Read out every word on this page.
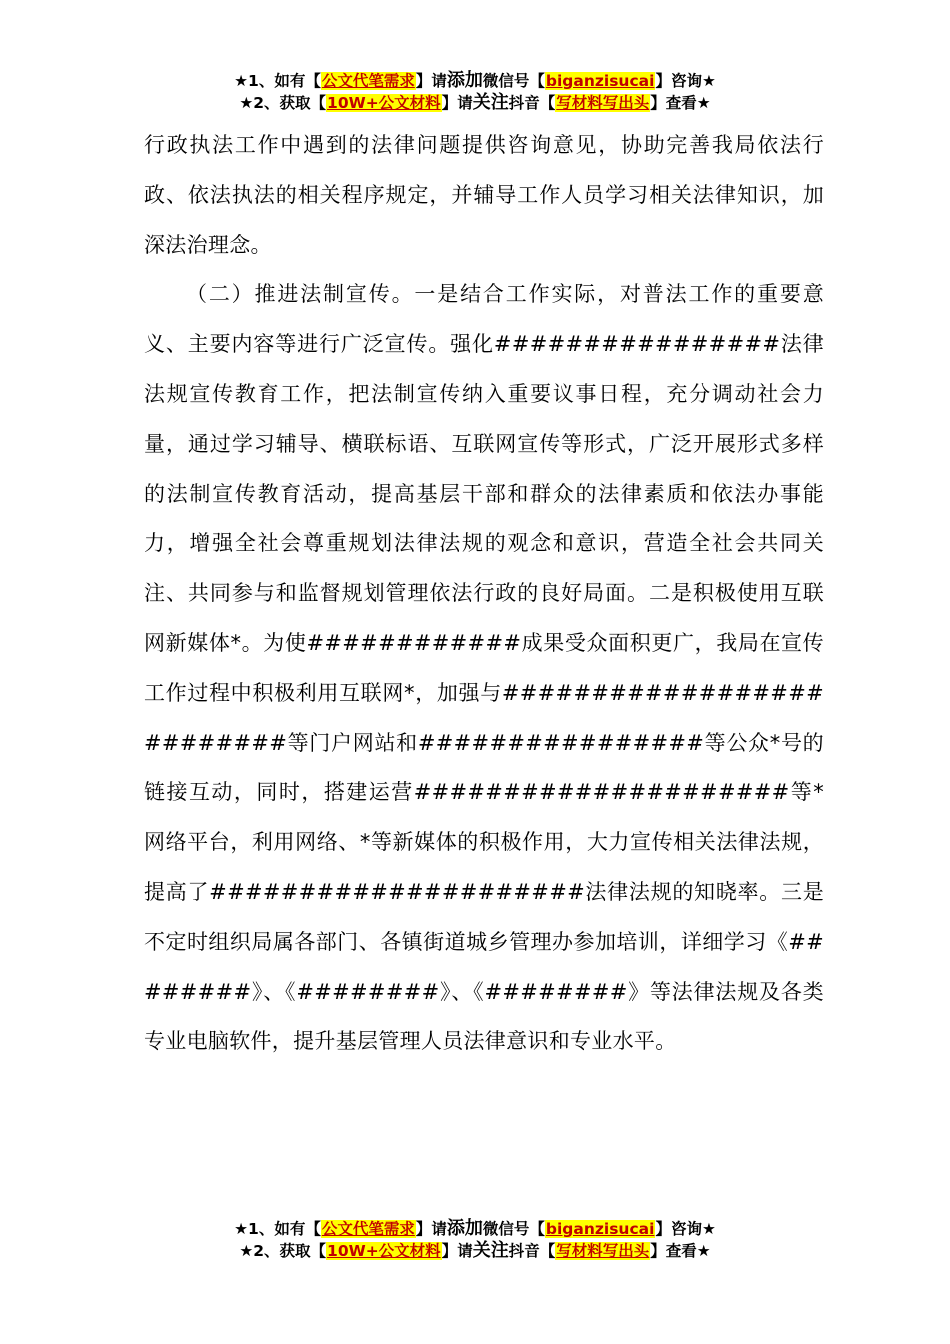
★1、如有【公文代笔需求】请添加微信号【biganzisucai】咨询★
★2、获取【10W+公文材料】请关注抖音【写材料写出头】查看★

行政执法工作中遇到的法律问题提供咨询意见，协助完善我局依法行政、依法执法的相关程序规定，并辅导工作人员学习相关法律知识，加深法治理念。

（二）推进法制宣传。一是结合工作实际，对普法工作的重要意义、主要内容等进行广泛宣传。强化################法律法规宣传教育工作，把法制宣传纳入重要议事日程，充分调动社会力量，通过学习辅导、横联标语、互联网宣传等形式，广泛开展形式多样的法制宣传教育活动，提高基层干部和群众的法律素质和依法办事能力，增强全社会尊重规划法律法规的观念和意识，营造全社会共同关注、共同参与和监督规划管理依法行政的良好局面。二是积极使用互联网新媒体*。为使############成果受众面积更广，我局在宣传工作过程中积极利用互联网*，加强与##########################等门户网站和################等公众*号的链接互动，同时，搭建运营#####################等*网络平台，利用网络、*等新媒体的积极作用，大力宣传相关法律法规，提高了#####################法律法规的知晓率。三是不定时组织局属各部门、各镇街道城乡管理办参加培训，详细学习《########》、《########》、《########》等法律法规及各类专业电脑软件，提升基层管理人员法律意识和专业水平。

★1、如有【公文代笔需求】请添加微信号【biganzisucai】咨询★
★2、获取【10W+公文材料】请关注抖音【写材料写出头】查看★
